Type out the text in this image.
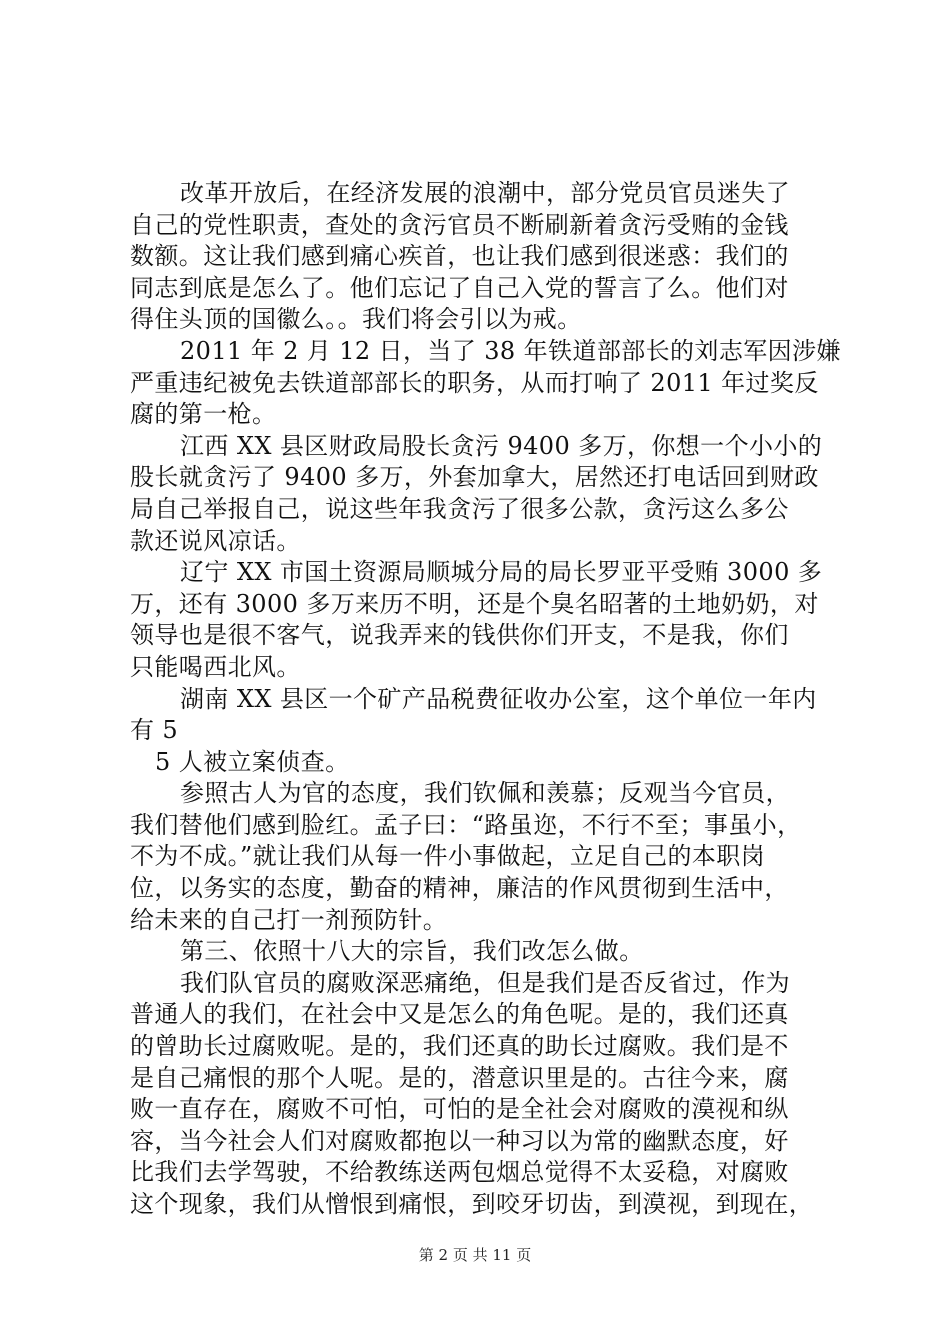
改革开放后，在经济发展的浪潮中，部分党员官员迷失了
自己的党性职责，查处的贪污官员不断刷新着贪污受贿的金钱
数额。这让我们感到痛心疾首，也让我们感到很迷惑：我们的
同志到底是怎么了。他们忘记了自己入党的誓言了么。他们对
得住头顶的国徽么。。我们将会引以为戒。
2011 年 2 月 12 日，当了 38 年铁道部部长的刘志军因涉嫌
严重违纪被免去铁道部部长的职务，从而打响了 2011 年过奖反
腐的第一枪。
江西 XX 县区财政局股长贪污 9400 多万，你想一个小小的
股长就贪污了 9400 多万，外套加拿大，居然还打电话回到财政
局自己举报自己，说这些年我贪污了很多公款，贪污这么多公
款还说风凉话。
辽宁 XX 市国土资源局顺城分局的局长罗亚平受贿 3000 多
万，还有 3000 多万来历不明，还是个臭名昭著的土地奶奶，对
领导也是很不客气，说我弄来的钱供你们开支，不是我，你们
只能喝西北风。
湖南 XX 县区一个矿产品税费征收办公室，这个单位一年内
有 5
5 人被立案侦查。
参照古人为官的态度，我们钦佩和羡慕；反观当今官员，
我们替他们感到脸红。孟子曰：“路虽迩，不行不至；事虽小，
不为不成。”就让我们从每一件小事做起，立足自己的本职岗
位，以务实的态度，勤奋的精神，廉洁的作风贯彻到生活中，
给未来的自己打一剂预防针。
第三、依照十八大的宗旨，我们改怎么做。
我们队官员的腐败深恶痛绝，但是我们是否反省过，作为
普通人的我们，在社会中又是怎么的角色呢。是的，我们还真
的曾助长过腐败呢。是的，我们还真的助长过腐败。我们是不
是自己痛恨的那个人呢。是的，潜意识里是的。古往今来，腐
败一直存在，腐败不可怕，可怕的是全社会对腐败的漠视和纵
容，当今社会人们对腐败都抱以一种习以为常的幽默态度，好
比我们去学驾驶，不给教练送两包烟总觉得不太妥稳，对腐败
这个现象，我们从憎恨到痛恨，到咬牙切齿，到漠视，到现在，
第 2 页 共 11 页
